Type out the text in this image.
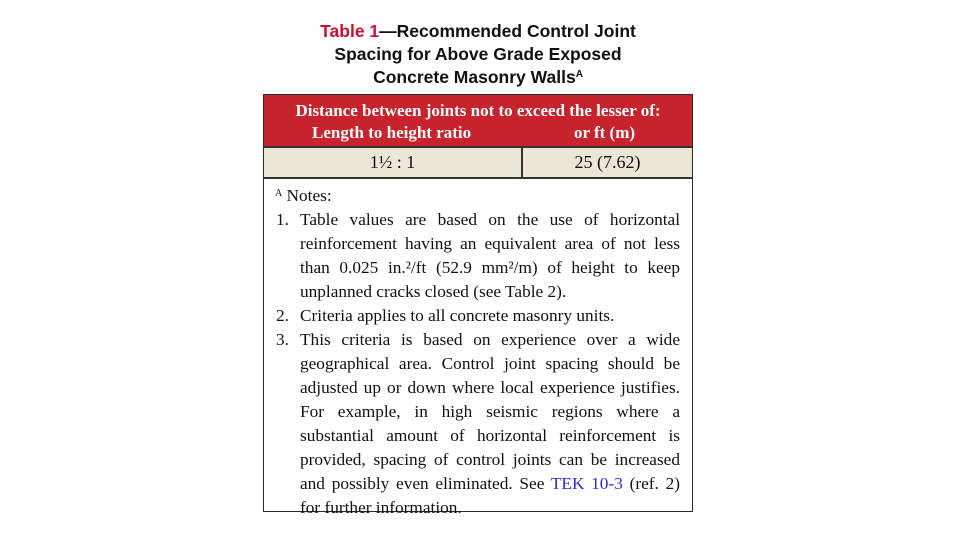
Table 1—Recommended Control Joint
Spacing for Above Grade Exposed
Concrete Masonry Walls$^A$
Distance between joints not to exceed the lesser of:
Length to height ratio	or ft (m)
1½ : 1	25 (7.62)
$^A$ Notes:
1. Table values are based on the use of horizontal reinforcement having an equivalent area of not less than 0.025 in.²/ft (52.9 mm²/m) of height to keep unplanned cracks closed (see Table 2).
2. Criteria applies to all concrete masonry units.
3. This criteria is based on experience over a wide geographical area. Control joint spacing should be adjusted up or down where local experience justifies. For example, in high seismic regions where a substantial amount of horizontal reinforcement is provided, spacing of control joints can be increased and possibly even eliminated. See TEK 10-3 (ref. 2) for further information.
